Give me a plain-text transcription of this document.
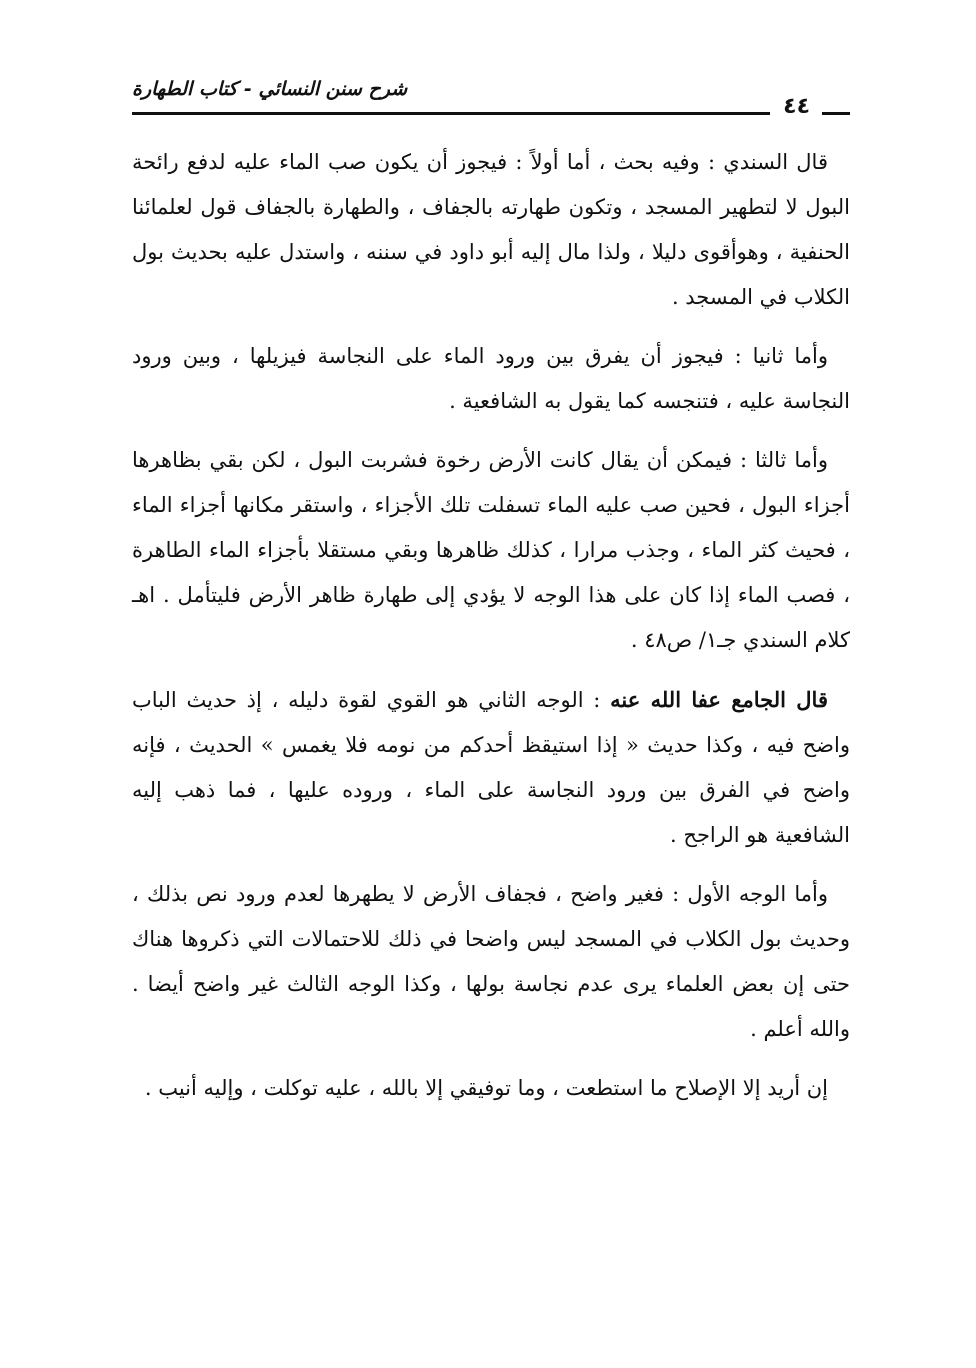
شرح سنن النسائي - كتاب الطهارة
٤٤

قال السندي : وفيه بحث ، أما أولاً : فيجوز أن يكون صب الماء عليه لدفع رائحة البول لا لتطهير المسجد ، وتكون طهارته بالجفاف ، والطهارة بالجفاف قول لعلمائنا الحنفية ، وهوأقوى دليلا ، ولذا مال إليه أبو داود في سننه ، واستدل عليه بحديث بول الكلاب في المسجد .

وأما ثانيا : فيجوز أن يفرق بين ورود الماء على النجاسة فيزيلها ، وبين ورود النجاسة عليه ، فتنجسه كما يقول به الشافعية .

وأما ثالثا : فيمكن أن يقال كانت الأرض رخوة فشربت البول ، لكن بقي بظاهرها أجزاء البول ، فحين صب عليه الماء تسفلت تلك الأجزاء ، واستقر مكانها أجزاء الماء ، فحيث كثر الماء ، وجذب مرارا ، كذلك ظاهرها وبقي مستقلا بأجزاء الماء الطاهرة ، فصب الماء إذا كان على هذا الوجه لا يؤدي إلى طهارة ظاهر الأرض فليتأمل . اهـ كلام السندي جـ١/ ص٤٨ .

قال الجامع عفا الله عنه : الوجه الثاني هو القوي لقوة دليله ، إذ حديث الباب واضح فيه ، وكذا حديث « إذا استيقظ أحدكم من نومه فلا يغمس » الحديث ، فإنه واضح في الفرق بين ورود النجاسة على الماء ، وروده عليها ، فما ذهب إليه الشافعية هو الراجح .

وأما الوجه الأول : فغير واضح ، فجفاف الأرض لا يطهرها لعدم ورود نص بذلك ، وحديث بول الكلاب في المسجد ليس واضحا في ذلك للاحتمالات التي ذكروها هناك حتى إن بعض العلماء يرى عدم نجاسة بولها ، وكذا الوجه الثالث غير واضح أيضا . والله أعلم .

إن أريد إلا الإصلاح ما استطعت ، وما توفيقي إلا بالله ، عليه توكلت ، وإليه أنيب .
